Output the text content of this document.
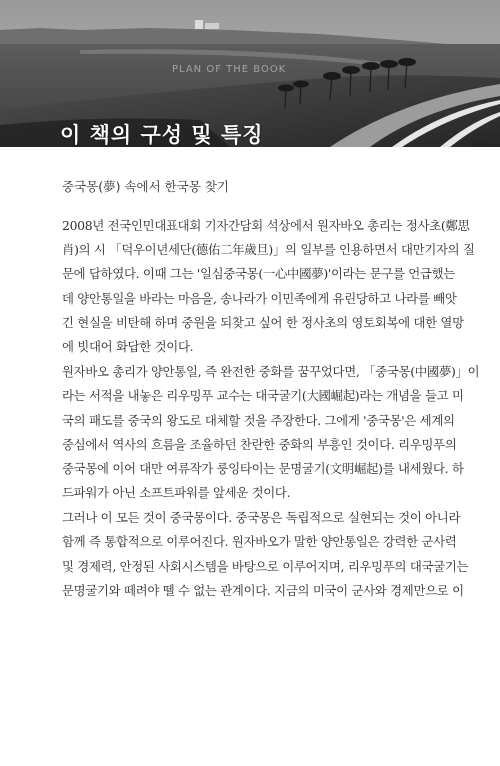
PLAN OF THE BOOK
이 책의 구성 및 특징
중국몽(夢) 속에서 한국몽 찾기

2008년 전국인민대표대회 기자간담회 석상에서 원자바오 총리는 정사초(鄭思
肖)의 시 「덕우이년세단(德佑二年歲旦)」의 일부를 인용하면서 대만기자의 질
문에 답하였다. 이때 그는 '일심중국몽(一心中國夢)'이라는 문구를 언급했는
데 양안통일을 바라는 마음을, 송나라가 이민족에게 유린당하고 나라를 빼앗
긴 현실을 비탄해 하며 중원을 되찾고 싶어 한 정사초의 영토회복에 대한 열망
에 빗대어 화답한 것이다.

원자바오 총리가 양안통일, 즉 완전한 중화를 꿈꾸었다면, 「중국몽(中國夢)」이
라는 서적을 내놓은 리우밍푸 교수는 대국굴기(大國崛起)라는 개념을 들고 미
국의 패도를 중국의 왕도로 대체할 것을 주장한다. 그에게 '중국몽'은 세계의
중심에서 역사의 흐름을 조율하던 찬란한 중화의 부흥인 것이다. 리우밍푸의
중국몽에 이어 대만 여류작가 룽잉타이는 문명굴기(文明崛起)를 내세웠다. 하
드파워가 아닌 소프트파워를 앞세운 것이다.

그러나 이 모든 것이 중국몽이다. 중국몽은 독립적으로 실현되는 것이 아니라
함께 즉 통합적으로 이루어진다. 원자바오가 말한 양안통일은 강력한 군사력
및 경제력, 안정된 사회시스템을 바탕으로 이루어지며, 리우밍푸의 대국굴기는
문명굴기와 떼려야 뗄 수 없는 관계이다. 지금의 미국이 군사와 경제만으로 이
